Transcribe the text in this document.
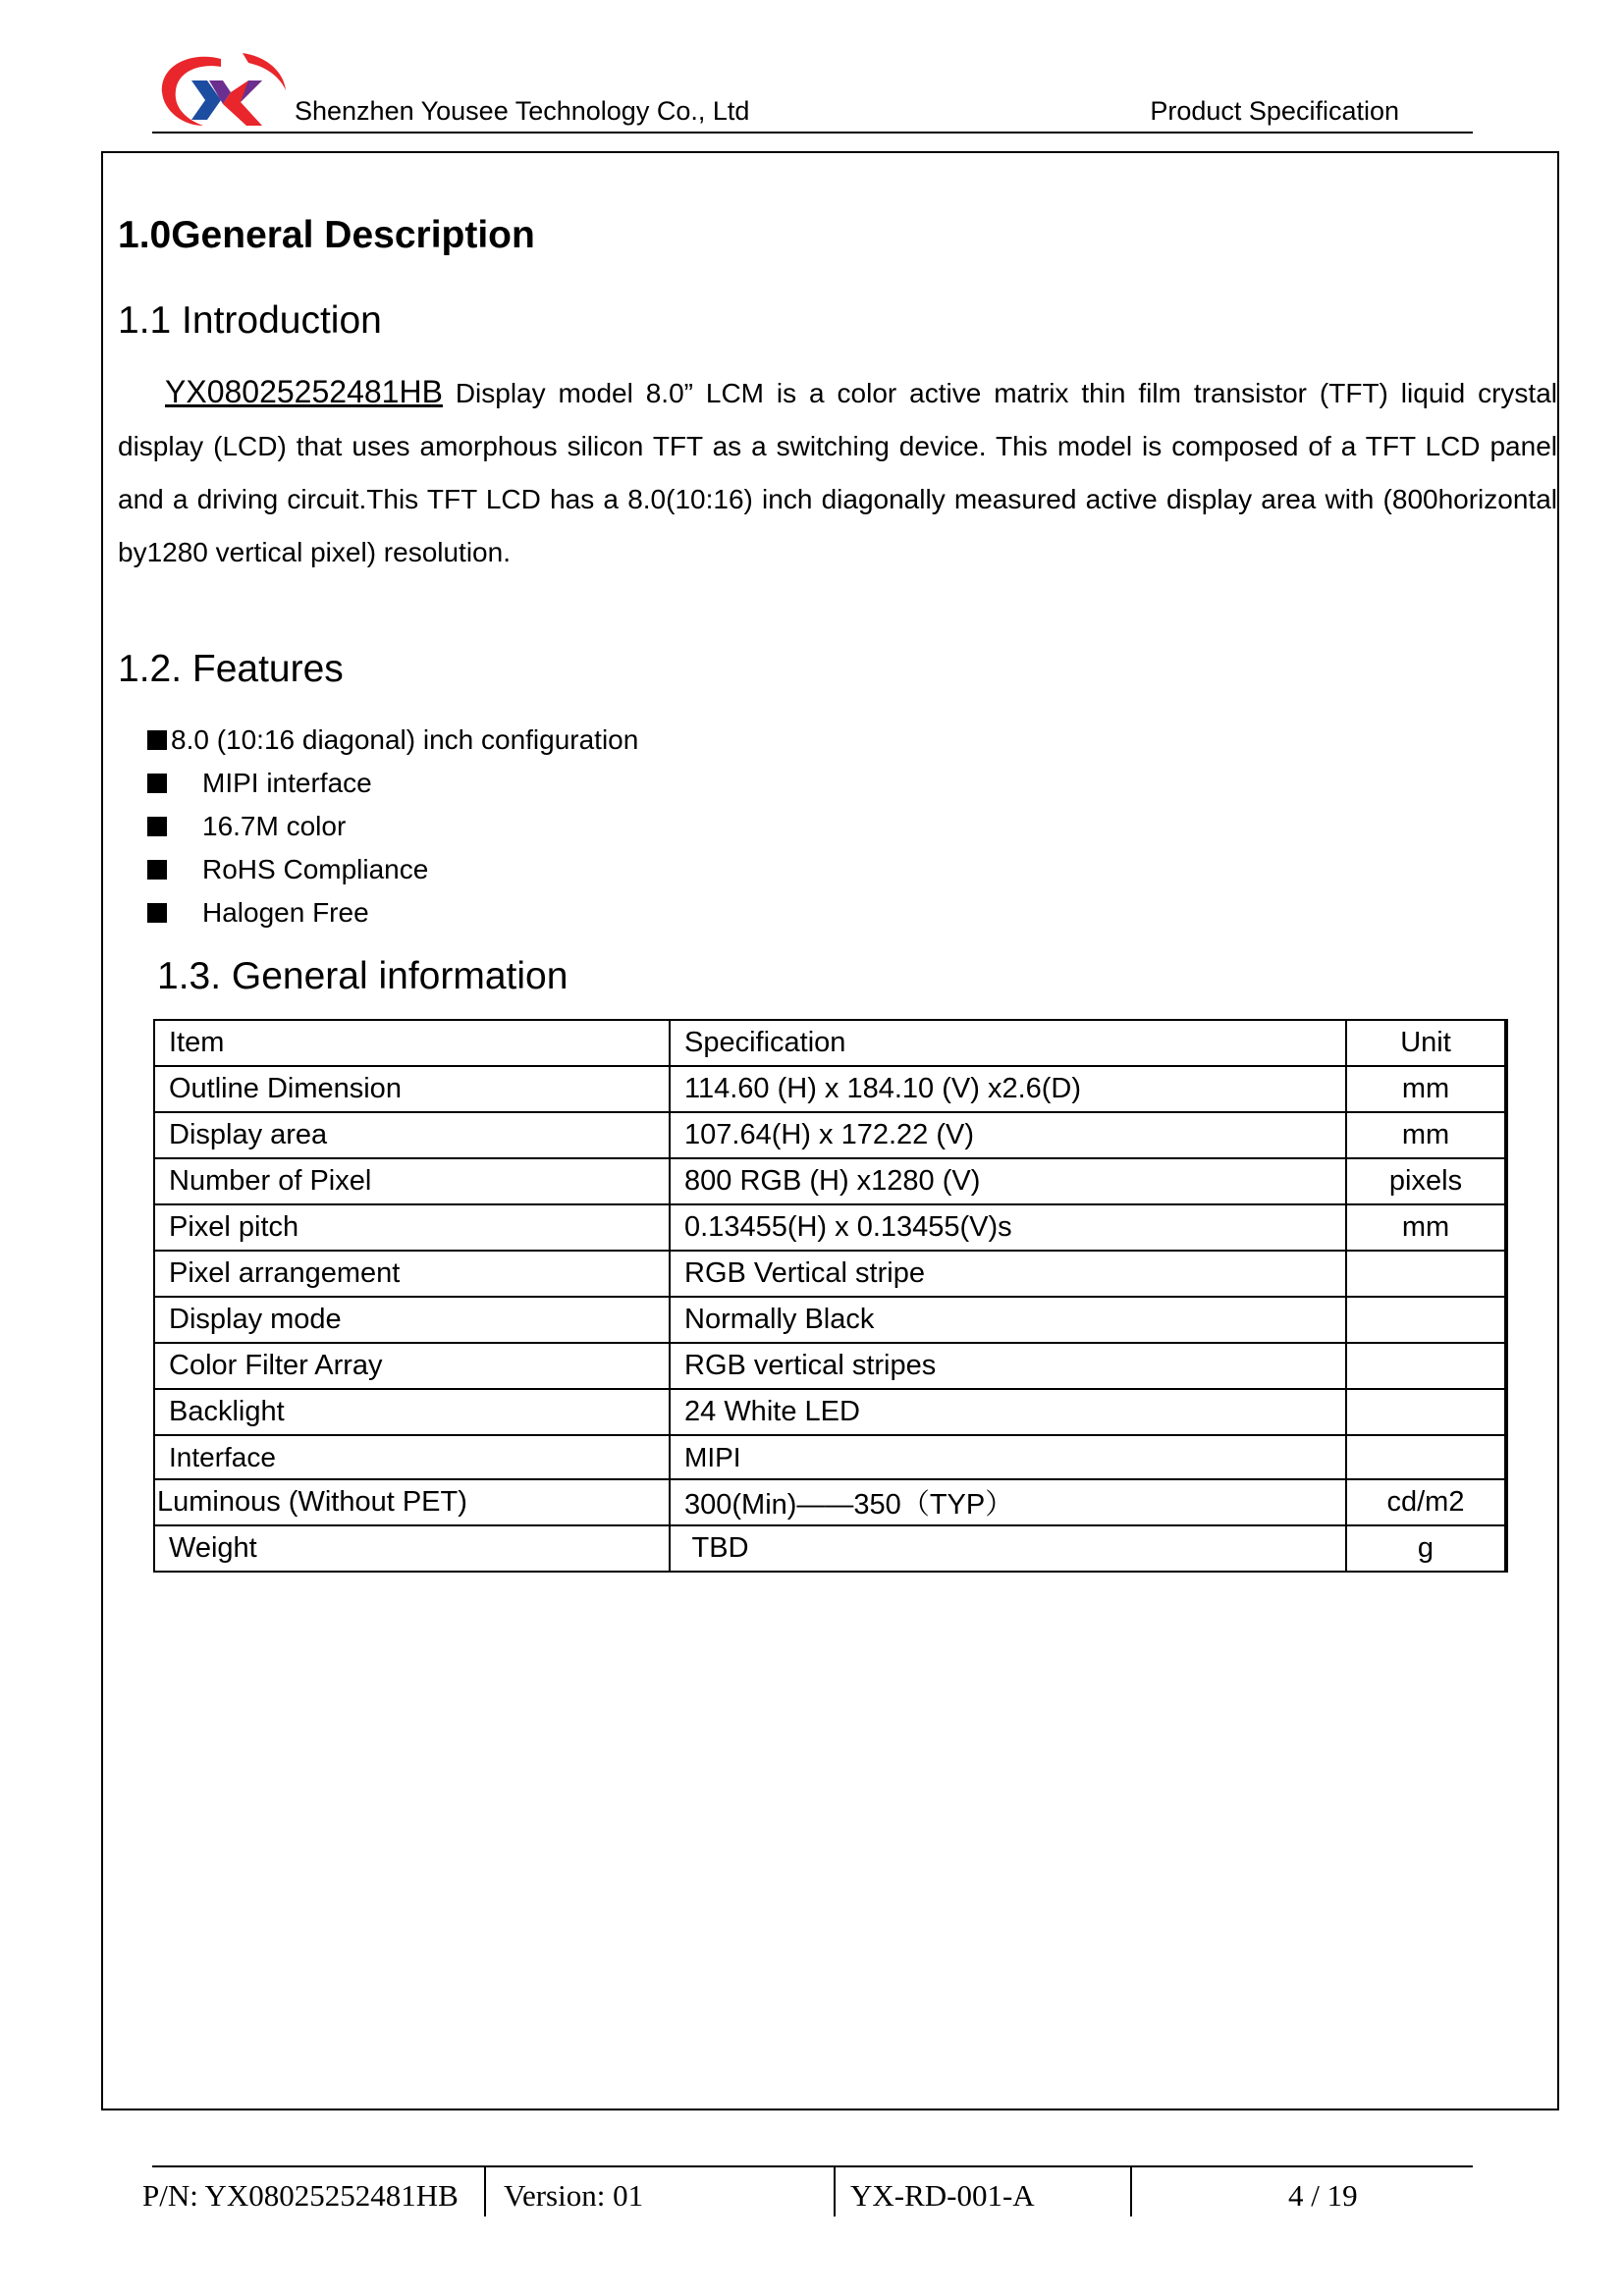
Shenzhen Yousee Technology Co., Ltd	Product Specification
1.0General Description
1.1 Introduction

YX08025252481HB Display model 8.0” LCM is a color active matrix thin film transistor (TFT) liquid crystal display (LCD) that uses amorphous silicon TFT as a switching device. This model is composed of a TFT LCD panel and a driving circuit.This TFT LCD has a 8.0(10:16) inch diagonally measured active display area with (800horizontal by1280 vertical pixel) resolution.

1.2. Features
8.0 (10:16 diagonal) inch configuration
MIPI interface
16.7M color
RoHS Compliance
Halogen Free
1.3. General information
Item	Specification	Unit
Outline Dimension	114.60 (H) x 184.10 (V) x2.6(D)	mm
Display area	107.64(H) x 172.22 (V)	mm
Number of Pixel	800 RGB (H) x1280 (V)	pixels
Pixel pitch	0.13455(H) x 0.13455(V)s	mm
Pixel arrangement	RGB Vertical stripe	
Display mode	Normally Black	
Color Filter Array	RGB vertical stripes	
Backlight	24 White LED	
Interface	MIPI	
Luminous (Without PET)	300(Min)——350（TYP）	cd/m2
Weight	TBD	g
P/N: YX08025252481HB Version: 01	YX-RD-001-A	4 / 19
